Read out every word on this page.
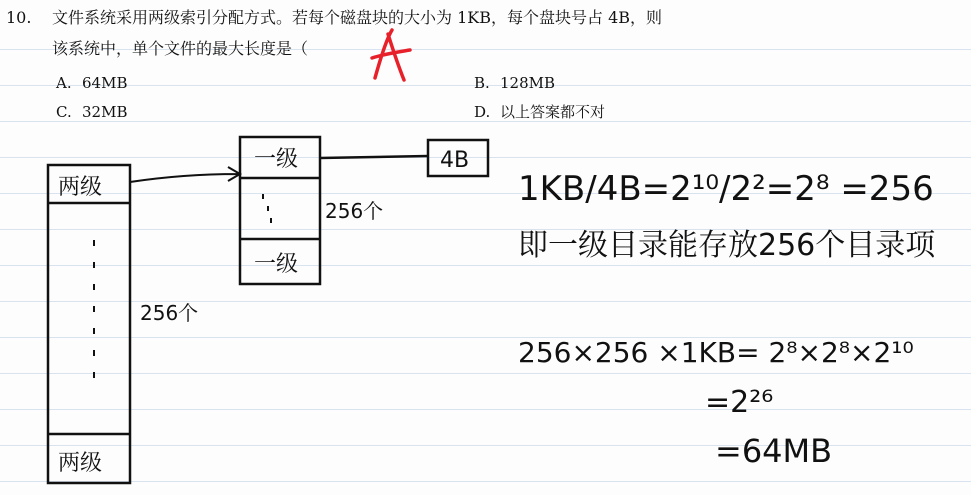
10. 文件系统采用两级索引分配方式。若每个磁盘块的大小为 1KB，每个盘块号占 4B，则
该系统中，单个文件的最大长度是（
A. 64MB	B. 128MB
C. 32MB	D. 以上答案都不对
两级
两级
256个
一级
一级
256个
4B
1KB/4B=2¹⁰/2²=2⁸ =256
即一级目录能存放256个目录项
256×256 ×1KB= 2⁸×2⁸×2¹⁰
=2²⁶
=64MB
